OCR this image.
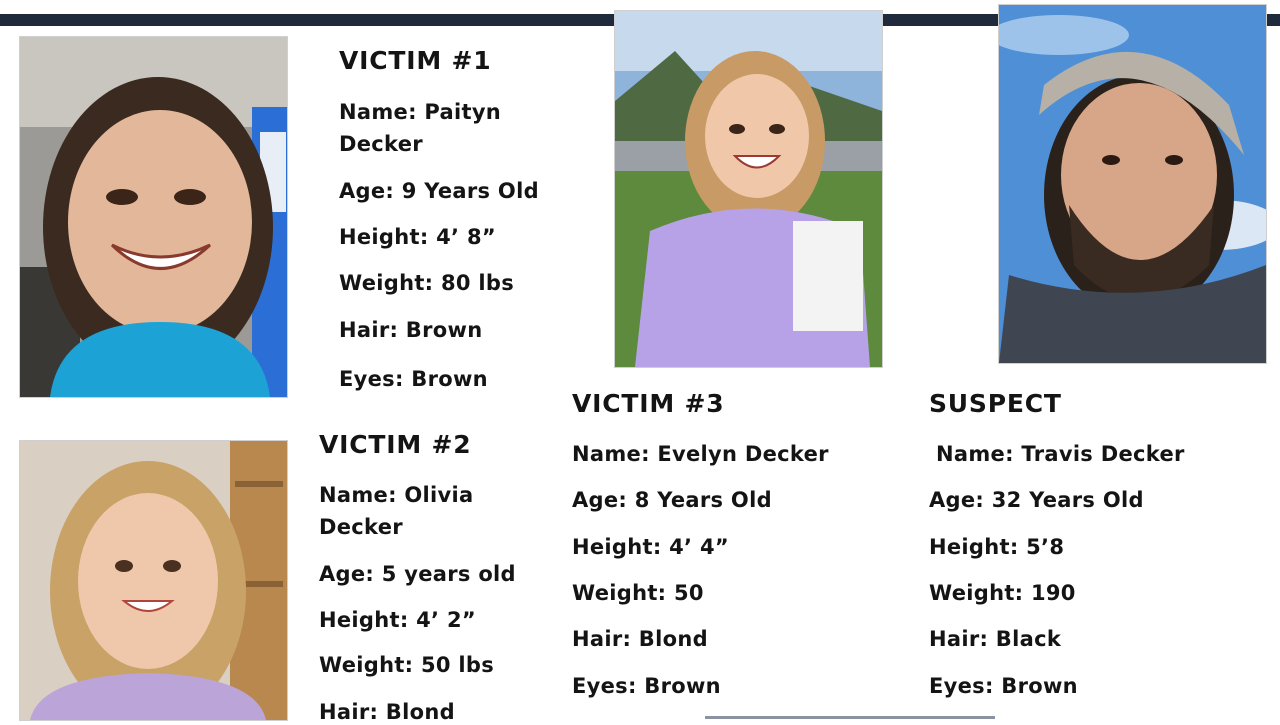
VICTIM #1
Name: Paityn
Decker
Age: 9 Years Old
Height: 4’ 8”
Weight: 80 lbs
Hair: Brown
Eyes: Brown
VICTIM #2
Name: Olivia
Decker
Age: 5 years old
Height: 4’ 2”
Weight: 50 lbs
Hair: Blond
VICTIM #3
Name: Evelyn Decker
Age: 8 Years Old
Height: 4’ 4”
Weight: 50
Hair: Blond
Eyes: Brown
SUSPECT
Name: Travis Decker
Age: 32 Years Old
Height: 5’8
Weight: 190
Hair: Black
Eyes: Brown
